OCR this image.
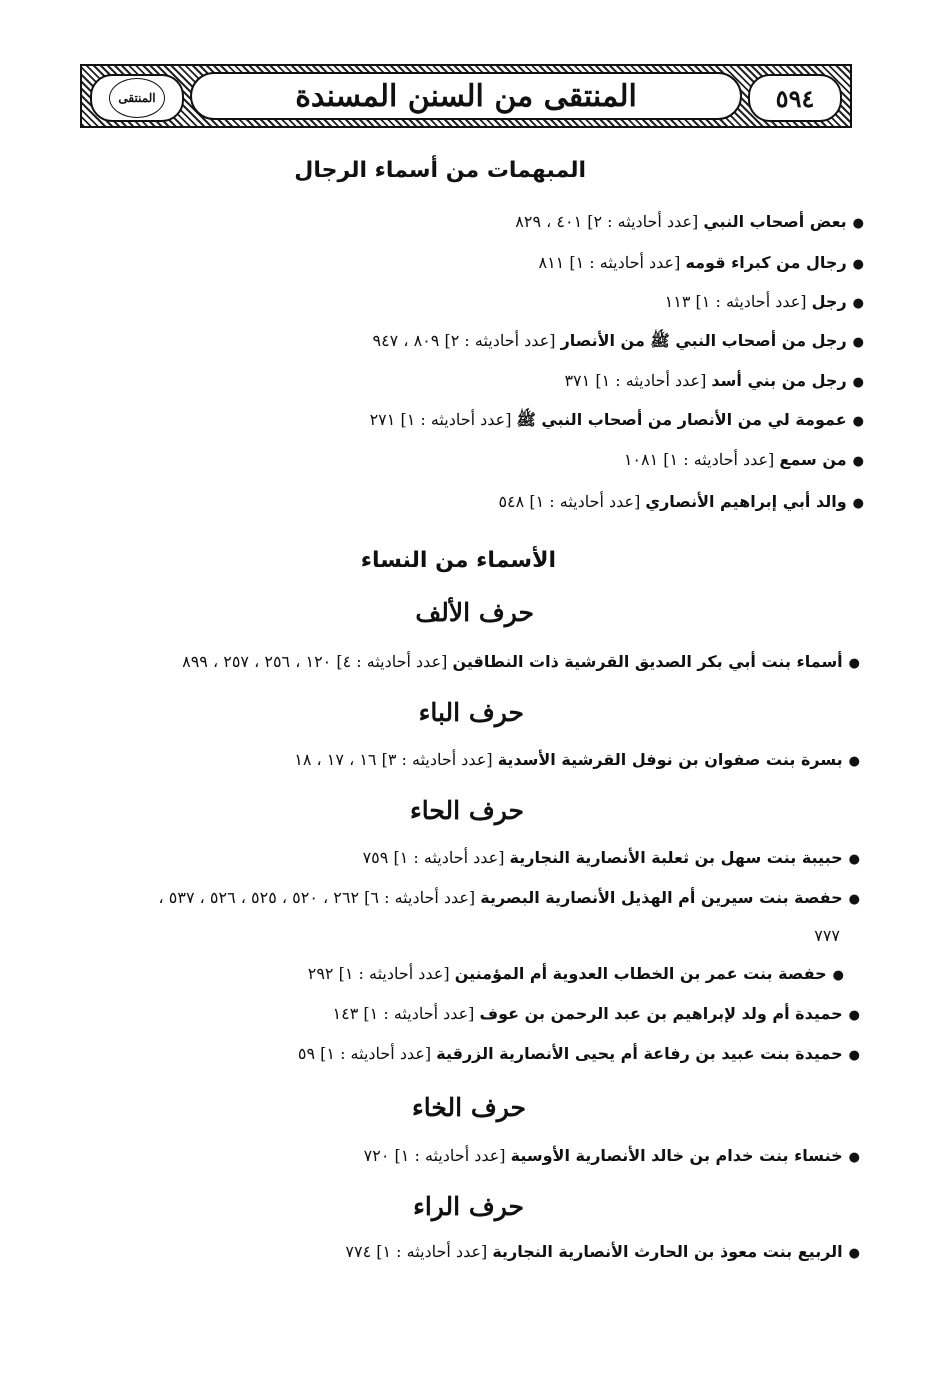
٥٩٤
المنتقى من السنن المسندة
المنتقى
المبهمات من أسماء الرجال
●بعض أصحاب النبي [عدد أحاديثه : ٢] ٤٠١ ، ٨٢٩
●رجال من كبراء قومه [عدد أحاديثه : ١] ٨١١
●رجل [عدد أحاديثه : ١] ١١٣
●رجل من أصحاب النبي ﷺ من الأنصار [عدد أحاديثه : ٢] ٨٠٩ ، ٩٤٧
●رجل من بني أسد [عدد أحاديثه : ١] ٣٧١
●عمومة لي من الأنصار من أصحاب النبي ﷺ [عدد أحاديثه : ١] ٢٧١
●من سمع [عدد أحاديثه : ١] ١٠٨١
●والد أبي إبراهيم الأنصاري [عدد أحاديثه : ١] ٥٤٨
الأسماء من النساء
حرف الألف
●أسماء بنت أبي بكر الصديق القرشية ذات النطاقين [عدد أحاديثه : ٤] ١٢٠ ، ٢٥٦ ، ٢٥٧ ، ٨٩٩
حرف الباء
●بسرة بنت صفوان بن نوفل القرشية الأسدية [عدد أحاديثه : ٣] ١٦ ، ١٧ ، ١٨
حرف الحاء
●حبيبة بنت سهل بن ثعلبة الأنصارية النجارية [عدد أحاديثه : ١] ٧٥٩
●حفصة بنت سيرين أم الهذيل الأنصارية البصرية [عدد أحاديثه : ٦] ٢٦٢ ، ٥٢٠ ، ٥٢٥ ، ٥٢٦ ، ٥٣٧ ،
٧٧٧
●حفصة بنت عمر بن الخطاب العدوية أم المؤمنين [عدد أحاديثه : ١] ٢٩٢
●حميدة أم ولد لإبراهيم بن عبد الرحمن بن عوف [عدد أحاديثه : ١] ١٤٣
●حميدة بنت عبيد بن رفاعة أم يحيى الأنصارية الزرقية [عدد أحاديثه : ١] ٥٩
حرف الخاء
●خنساء بنت خدام بن خالد الأنصارية الأوسية [عدد أحاديثه : ١] ٧٢٠
حرف الراء
●الربيع بنت معوذ بن الحارث الأنصارية النجارية [عدد أحاديثه : ١] ٧٧٤
